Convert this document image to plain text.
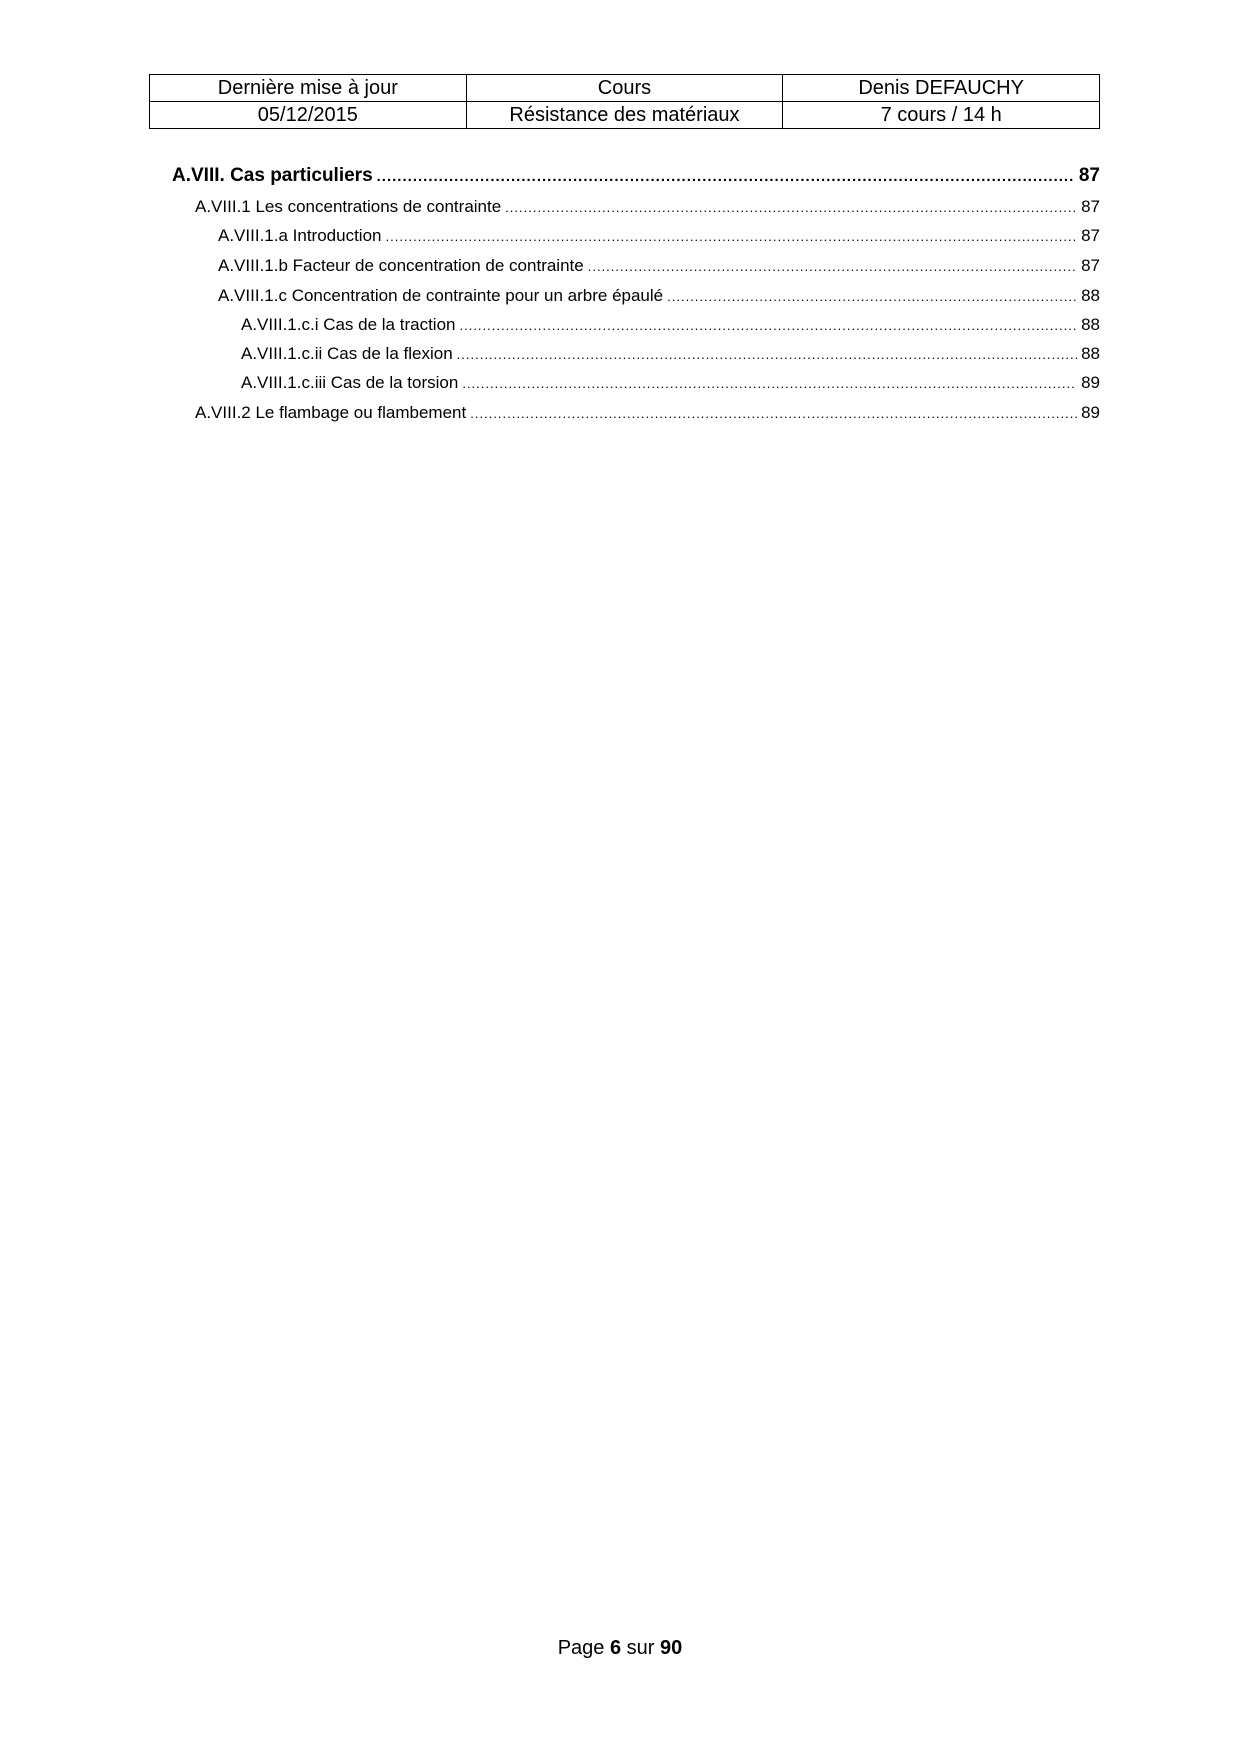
Dernière mise à jour	Cours	Denis DEFAUCHY
05/12/2015	Résistance des matériaux	7 cours / 14 h
A.VIII. Cas particuliers .....	87
A.VIII.1 Les concentrations de contrainte .....	87
A.VIII.1.a Introduction .....	87
A.VIII.1.b Facteur de concentration de contrainte .....	87
A.VIII.1.c Concentration de contrainte pour un arbre épaulé .....	88
A.VIII.1.c.i Cas de la traction .....	88
A.VIII.1.c.ii Cas de la flexion .....	88
A.VIII.1.c.iii Cas de la torsion .....	89
A.VIII.2 Le flambage ou flambement .....	89
Page 6 sur 90
